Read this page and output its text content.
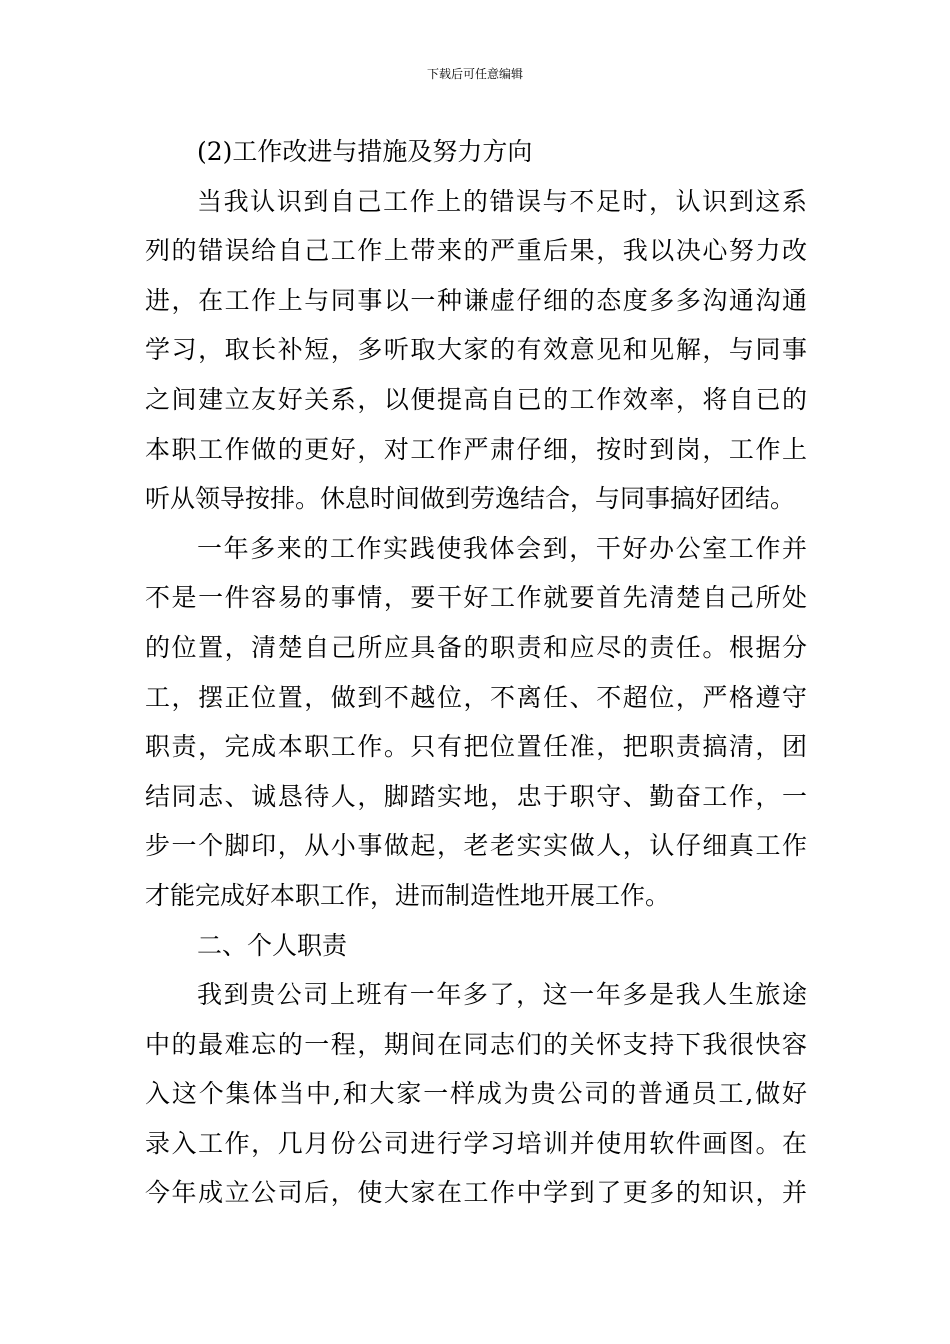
下载后可任意编辑

(2)工作改进与措施及努力方向

当我认识到自己工作上的错误与不足时，认识到这系
列的错误给自己工作上带来的严重后果，我以决心努力改
进，在工作上与同事以一种谦虚仔细的态度多多沟通沟通
学习，取长补短，多听取大家的有效意见和见解，与同事
之间建立友好关系，以便提高自已的工作效率，将自已的
本职工作做的更好，对工作严肃仔细，按时到岗，工作上
听从领导按排。休息时间做到劳逸结合，与同事搞好团结。

一年多来的工作实践使我体会到，干好办公室工作并
不是一件容易的事情，要干好工作就要首先清楚自己所处
的位置，清楚自己所应具备的职责和应尽的责任。根据分
工，摆正位置，做到不越位，不离任、不超位，严格遵守
职责，完成本职工作。只有把位置任准，把职责搞清，团
结同志、诚恳待人，脚踏实地，忠于职守、勤奋工作，一
步一个脚印，从小事做起，老老实实做人，认仔细真工作
才能完成好本职工作，进而制造性地开展工作。

二、个人职责

我到贵公司上班有一年多了，这一年多是我人生旅途
中的最难忘的一程，期间在同志们的关怀支持下我很快容
入这个集体当中,和大家一样成为贵公司的普通员工,做好
录入工作，几月份公司进行学习培训并使用软件画图。在
今年成立公司后，使大家在工作中学到了更多的知识，并
